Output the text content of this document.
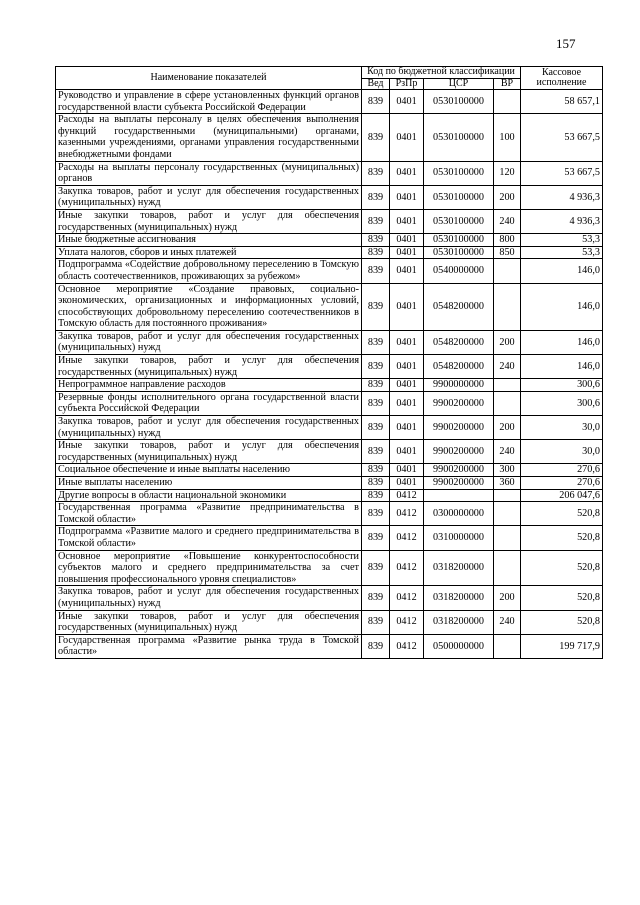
157
Наименование показателей	Код по бюджетной классификации				Кассовое исполнение
	Вед	РзПр	ЦСР	ВР	
Руководство и управление в сфере установленных функций органов государственной власти субъекта Российской Федерации	839	0401	0530100000		58 657,1
Расходы на выплаты персоналу в целях обеспечения выполнения функций государственными (муниципальными) органами, казенными учреждениями, органами управления государственными внебюджетными фондами	839	0401	0530100000	100	53 667,5
Расходы на выплаты персоналу государственных (муниципальных) органов	839	0401	0530100000	120	53 667,5
Закупка товаров, работ и услуг для обеспечения государственных (муниципальных) нужд	839	0401	0530100000	200	4 936,3
Иные закупки товаров, работ и услуг для обеспечения государственных (муниципальных) нужд	839	0401	0530100000	240	4 936,3
Иные бюджетные ассигнования	839	0401	0530100000	800	53,3
Уплата налогов, сборов и иных платежей	839	0401	0530100000	850	53,3
Подпрограмма «Содействие добровольному переселению в Томскую область соотечественников, проживающих за рубежом»	839	0401	0540000000		146,0
Основное мероприятие «Создание правовых, социально-экономических, организационных и информационных условий, способствующих добровольному переселению соотечественников в Томскую область для постоянного проживания»	839	0401	0548200000		146,0
Закупка товаров, работ и услуг для обеспечения государственных (муниципальных) нужд	839	0401	0548200000	200	146,0
Иные закупки товаров, работ и услуг для обеспечения государственных (муниципальных) нужд	839	0401	0548200000	240	146,0
Непрограммное направление расходов	839	0401	9900000000		300,6
Резервные фонды исполнительного органа государственной власти субъекта Российской Федерации	839	0401	9900200000		300,6
Закупка товаров, работ и услуг для обеспечения государственных (муниципальных) нужд	839	0401	9900200000	200	30,0
Иные закупки товаров, работ и услуг для обеспечения государственных (муниципальных) нужд	839	0401	9900200000	240	30,0
Социальное обеспечение и иные выплаты населению	839	0401	9900200000	300	270,6
Иные выплаты населению	839	0401	9900200000	360	270,6
Другие вопросы в области национальной экономики	839	0412			206 047,6
Государственная программа «Развитие предпринимательства в Томской области»	839	0412	0300000000		520,8
Подпрограмма «Развитие малого и среднего предпринимательства в Томской области»	839	0412	0310000000		520,8
Основное мероприятие «Повышение конкурентоспособности субъектов малого и среднего предпринимательства за счет повышения профессионального уровня специалистов»	839	0412	0318200000		520,8
Закупка товаров, работ и услуг для обеспечения государственных (муниципальных) нужд	839	0412	0318200000	200	520,8
Иные закупки товаров, работ и услуг для обеспечения государственных (муниципальных) нужд	839	0412	0318200000	240	520,8
Государственная программа «Развитие рынка труда в Томской области»	839	0412	0500000000		199 717,9
